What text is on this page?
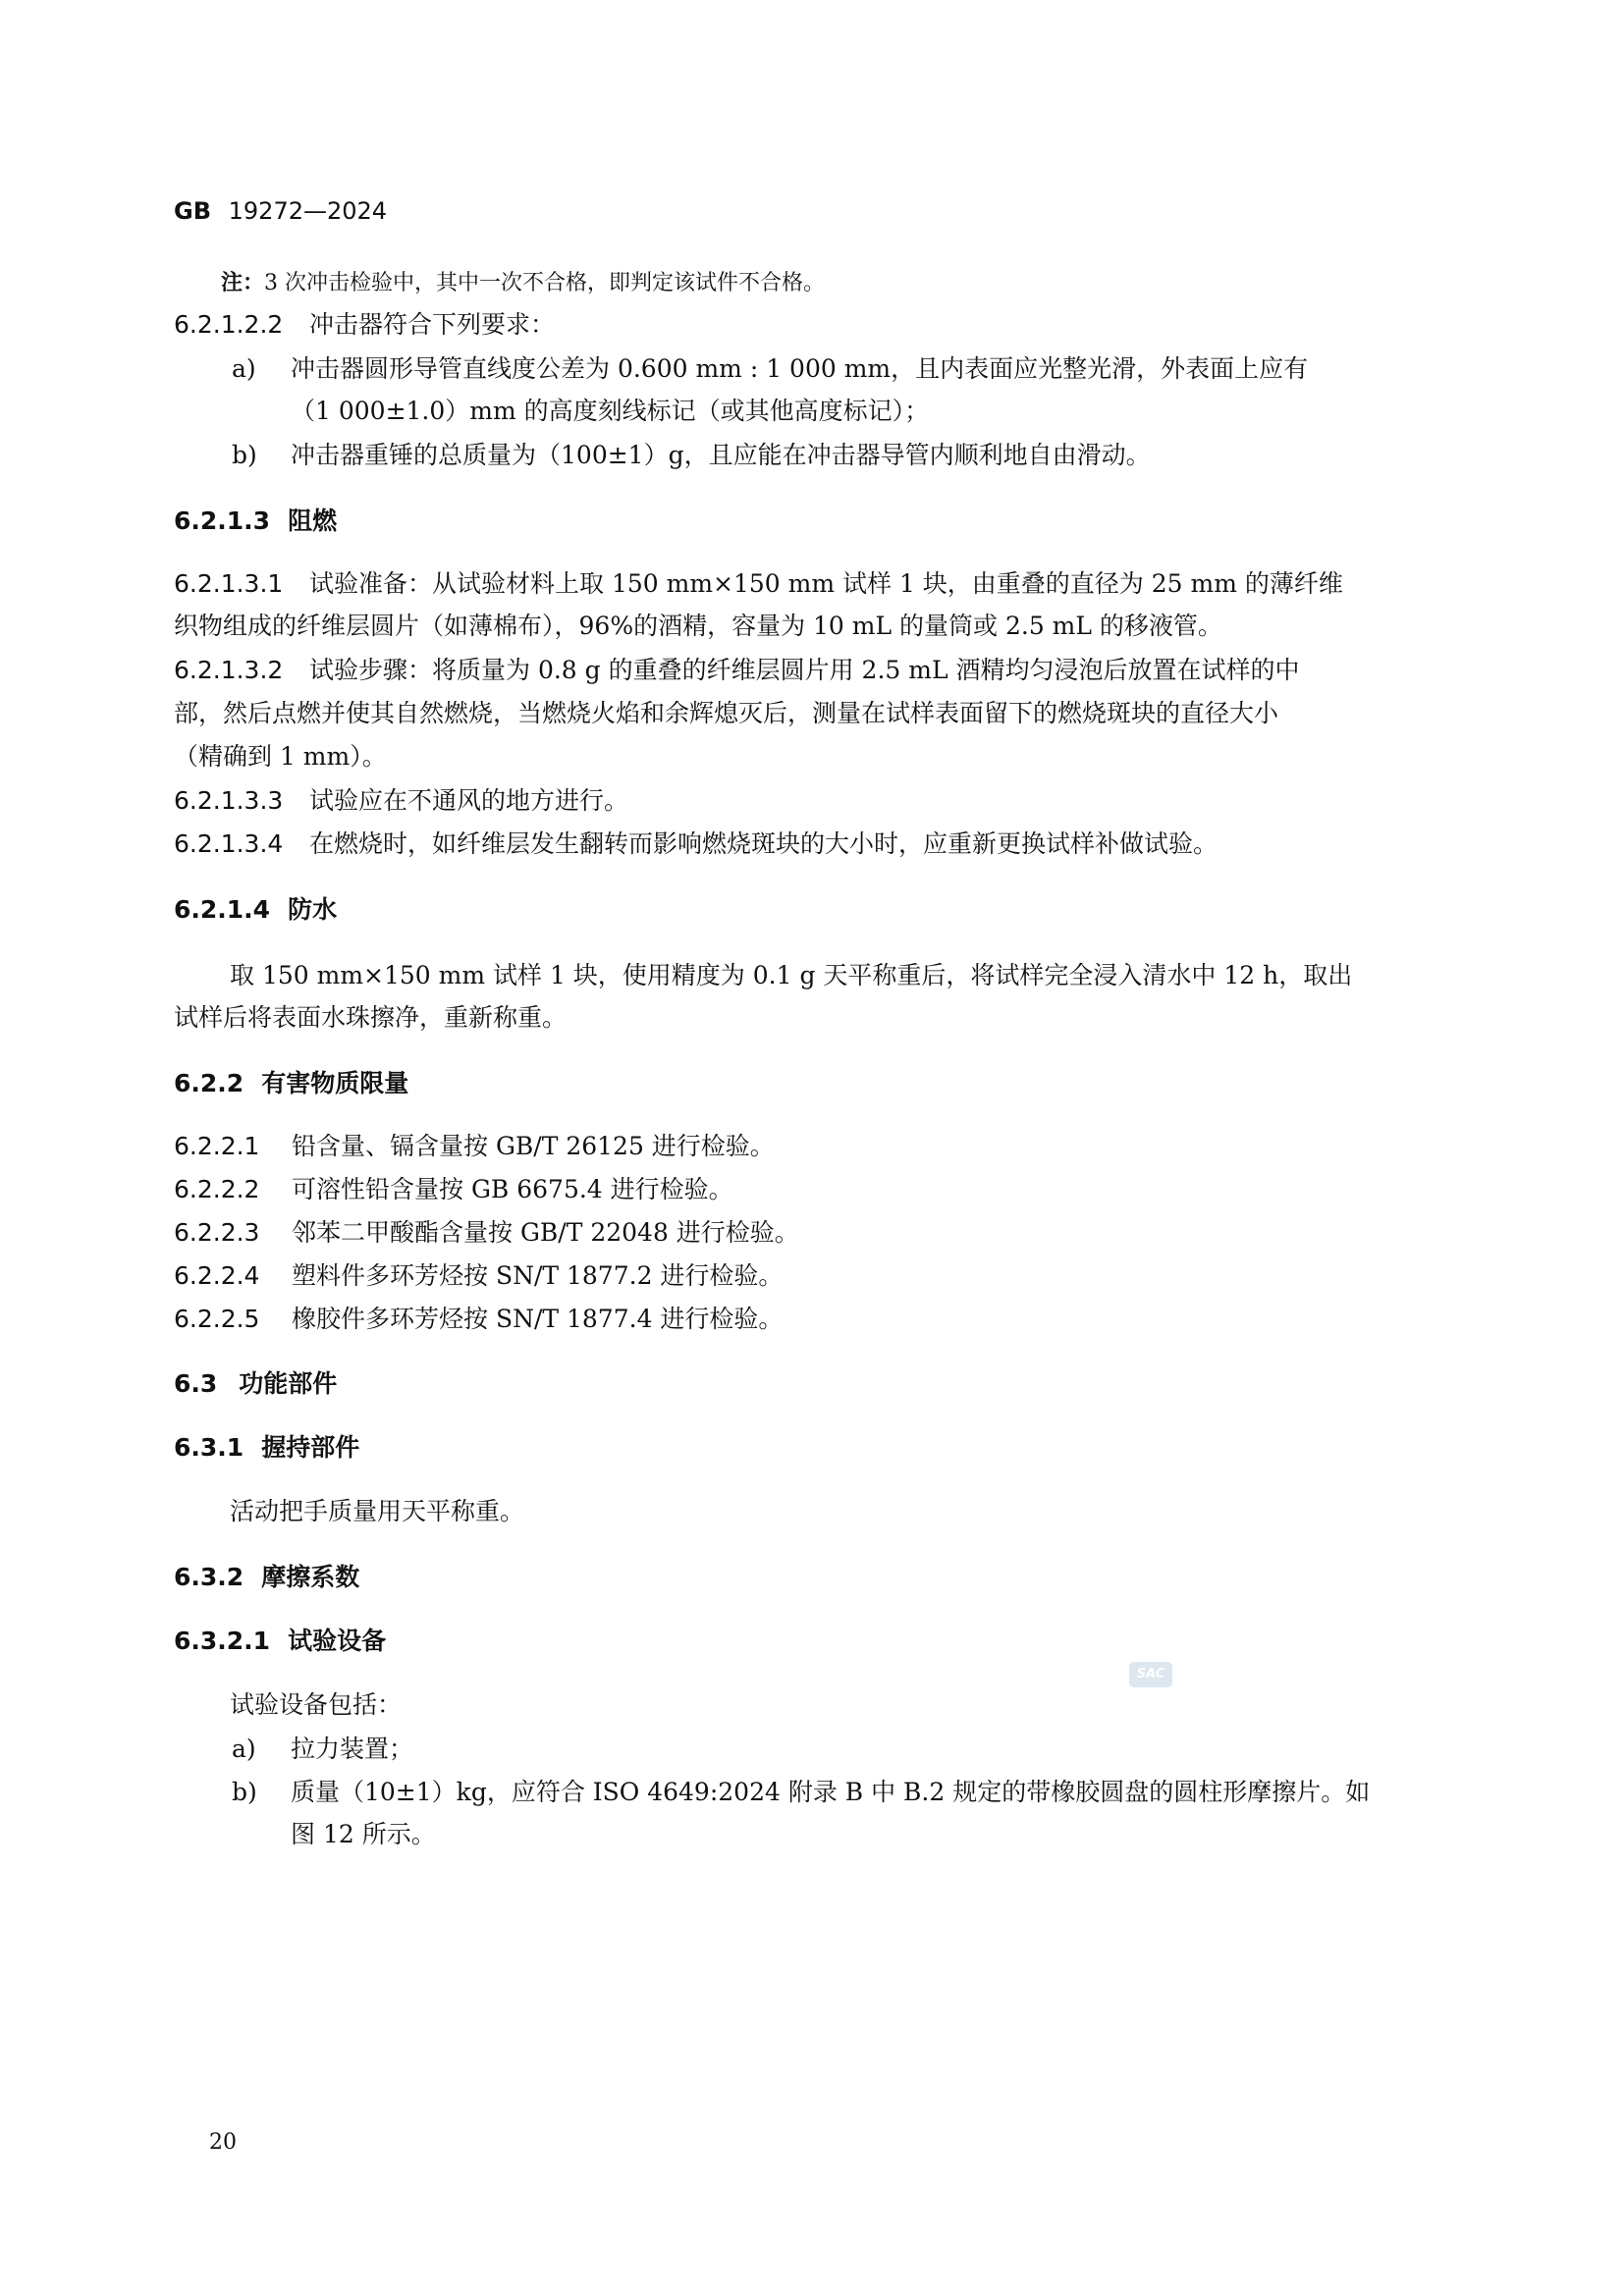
GB 19272—2024
注：3 次冲击检验中，其中一次不合格，即判定该试件不合格。
6.2.1.2.2 冲击器符合下列要求：
a) 冲击器圆形导管直线度公差为 0.600 mm : 1 000 mm，且内表面应光整光滑，外表面上应有
（1 000±1.0）mm 的高度刻线标记（或其他高度标记）；
b) 冲击器重锤的总质量为（100±1）g，且应能在冲击器导管内顺利地自由滑动。
6.2.1.3 阻燃
6.2.1.3.1 试验准备：从试验材料上取 150 mm×150 mm 试样 1 块，由重叠的直径为 25 mm 的薄纤维
织物组成的纤维层圆片（如薄棉布），96%的酒精，容量为 10 mL 的量筒或 2.5 mL 的移液管。
6.2.1.3.2 试验步骤：将质量为 0.8 g 的重叠的纤维层圆片用 2.5 mL 酒精均匀浸泡后放置在试样的中
部，然后点燃并使其自然燃烧，当燃烧火焰和余辉熄灭后，测量在试样表面留下的燃烧斑块的直径大小
（精确到 1 mm）。
6.2.1.3.3 试验应在不通风的地方进行。
6.2.1.3.4 在燃烧时，如纤维层发生翻转而影响燃烧斑块的大小时，应重新更换试样补做试验。
6.2.1.4 防水
取 150 mm×150 mm 试样 1 块，使用精度为 0.1 g 天平称重后，将试样完全浸入清水中 12 h，取出
试样后将表面水珠擦净，重新称重。
6.2.2 有害物质限量
6.2.2.1 铅含量、镉含量按 GB/T 26125 进行检验。
6.2.2.2 可溶性铅含量按 GB 6675.4 进行检验。
6.2.2.3 邻苯二甲酸酯含量按 GB/T 22048 进行检验。
6.2.2.4 塑料件多环芳烃按 SN/T 1877.2 进行检验。
6.2.2.5 橡胶件多环芳烃按 SN/T 1877.4 进行检验。
6.3 功能部件
6.3.1 握持部件
活动把手质量用天平称重。
6.3.2 摩擦系数
6.3.2.1 试验设备
SAC
试验设备包括：
a) 拉力装置；
b) 质量（10±1）kg，应符合 ISO 4649:2024 附录 B 中 B.2 规定的带橡胶圆盘的圆柱形摩擦片。如
图 12 所示。
20
